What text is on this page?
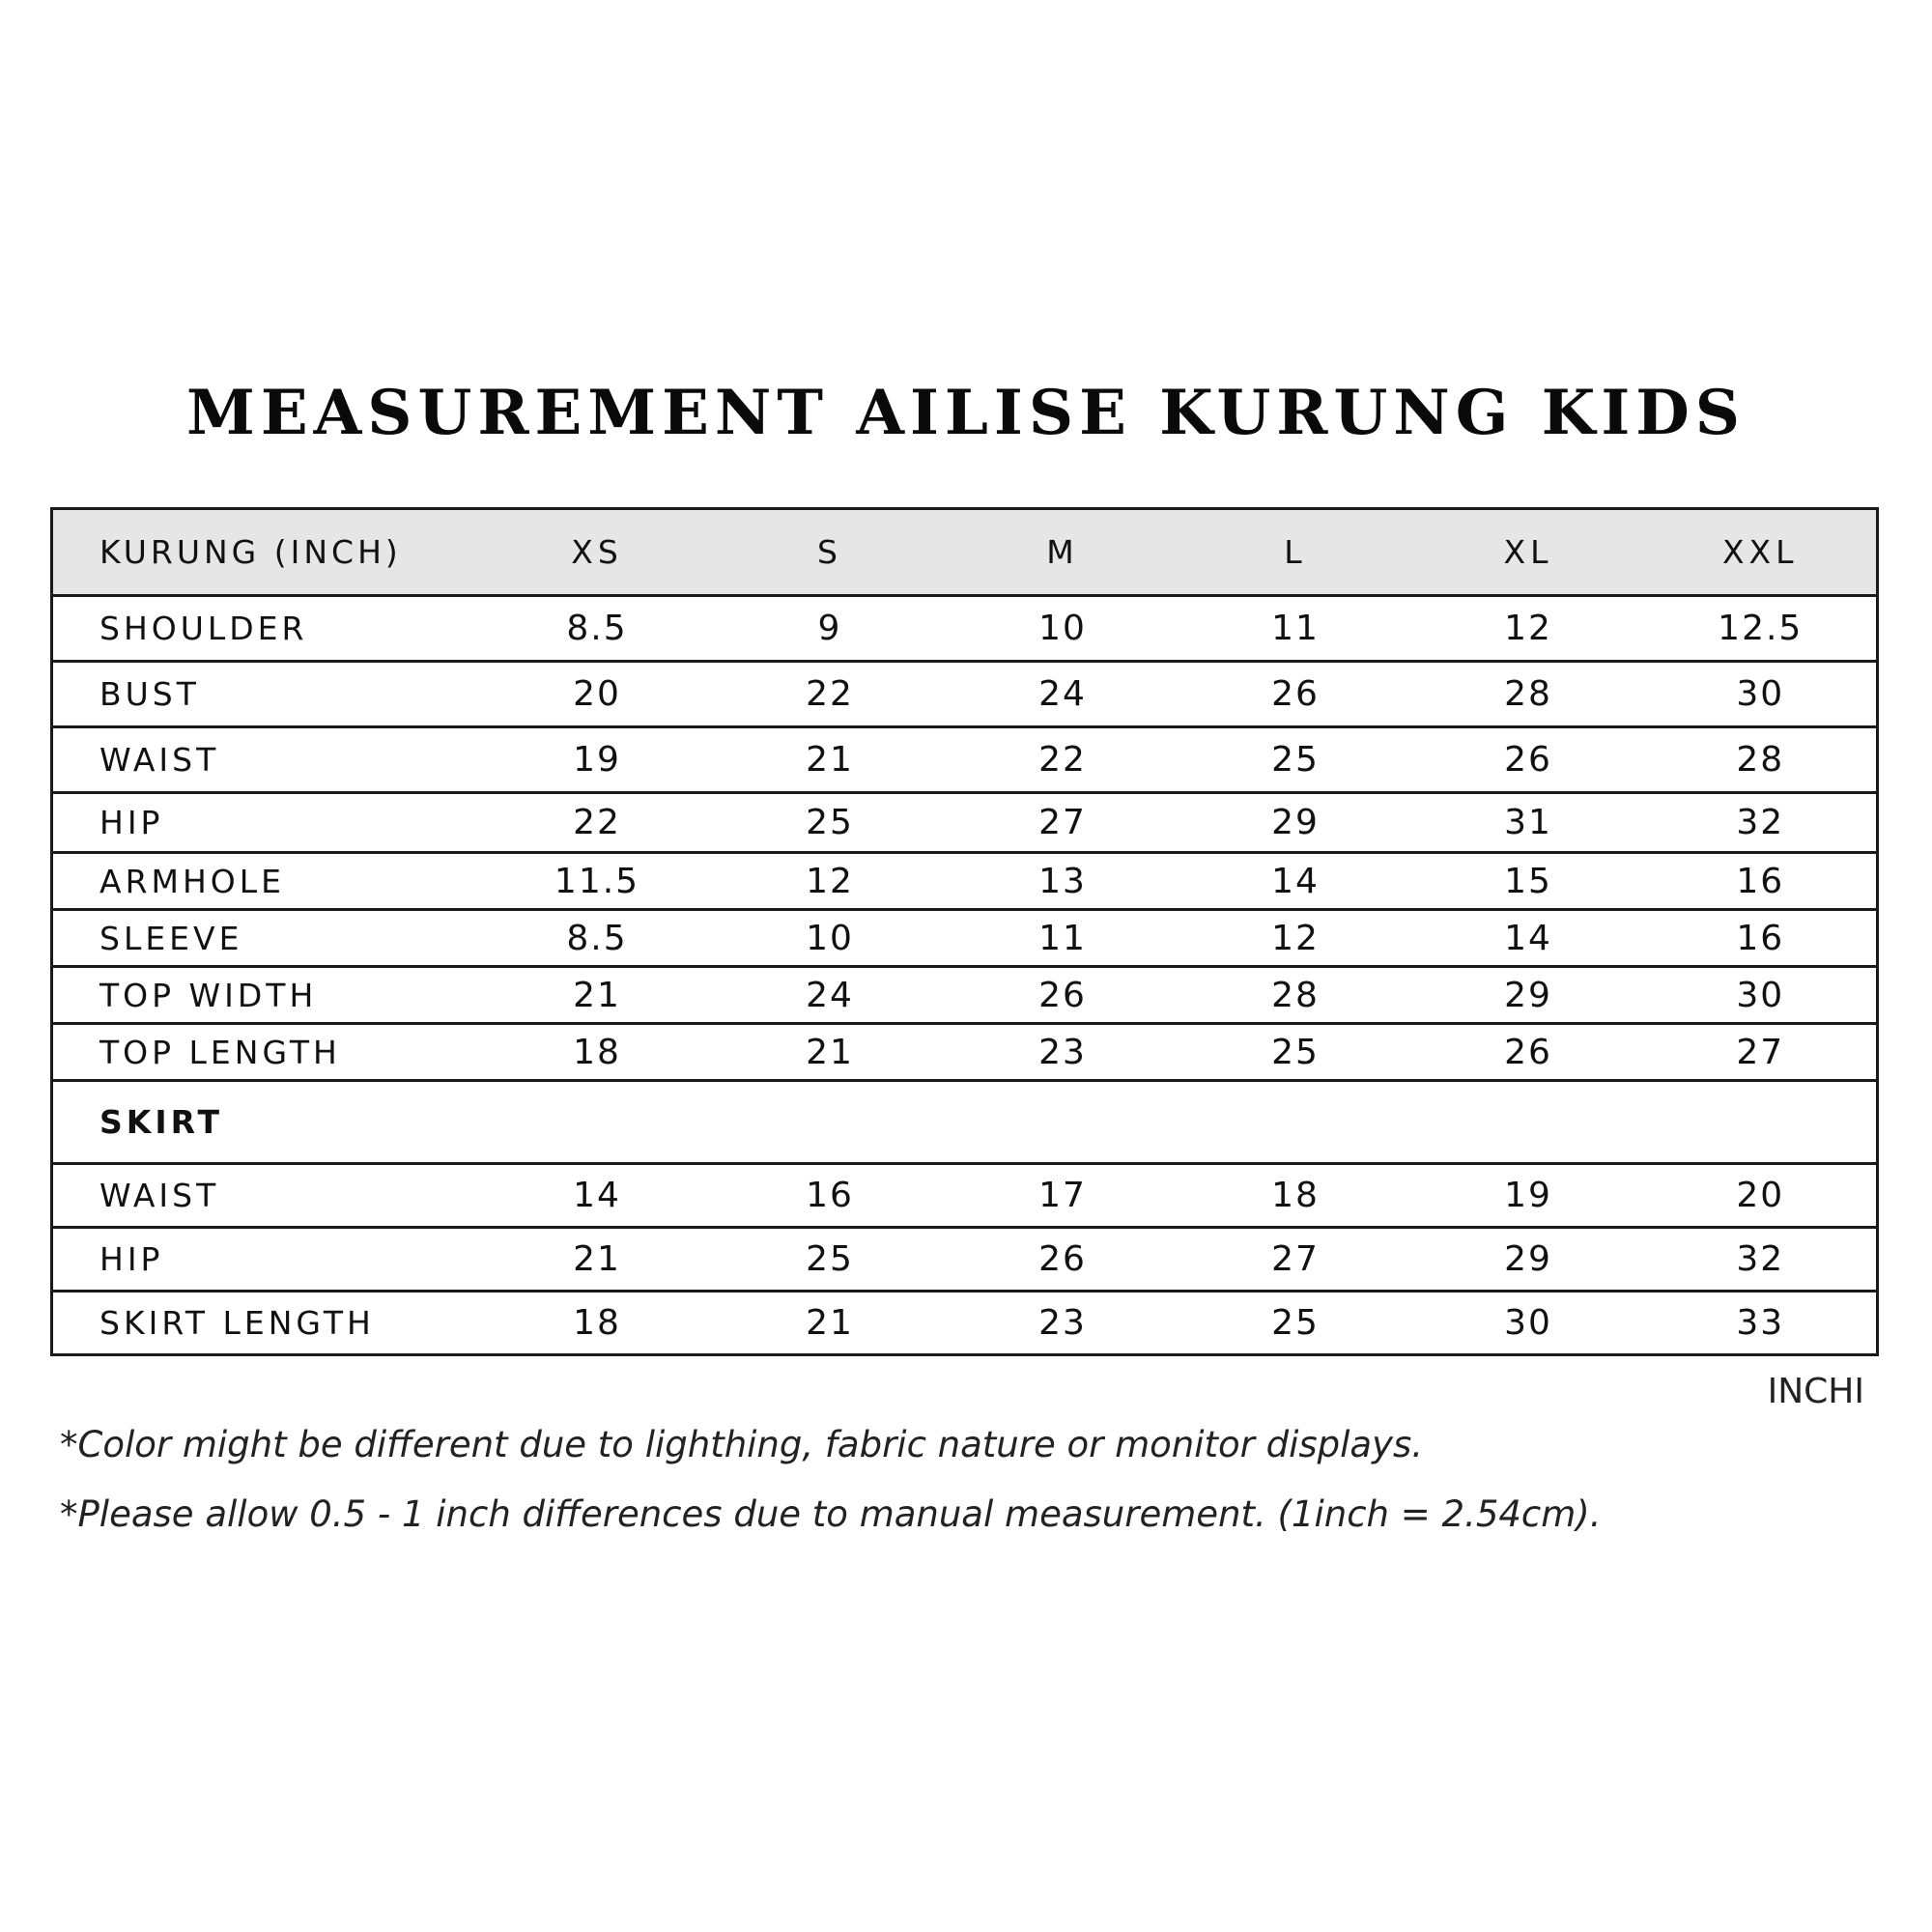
MEASUREMENT AILISE KURUNG KIDS
KURUNG (INCH)	XS	S	M	L	XL	XXL
SHOULDER	8.5	9	10	11	12	12.5
BUST	20	22	24	26	28	30
WAIST	19	21	22	25	26	28
HIP	22	25	27	29	31	32
ARMHOLE	11.5	12	13	14	15	16
SLEEVE	8.5	10	11	12	14	16
TOP WIDTH	21	24	26	28	29	30
TOP LENGTH	18	21	23	25	26	27
SKIRT						
WAIST	14	16	17	18	19	20
HIP	21	25	26	27	29	32
SKIRT LENGTH	18	21	23	25	30	33

INCHI

*Color might be different due to lighthing, fabric nature or monitor displays.

*Please allow 0.5 - 1 inch differences due to manual measurement. (1inch = 2.54cm).
